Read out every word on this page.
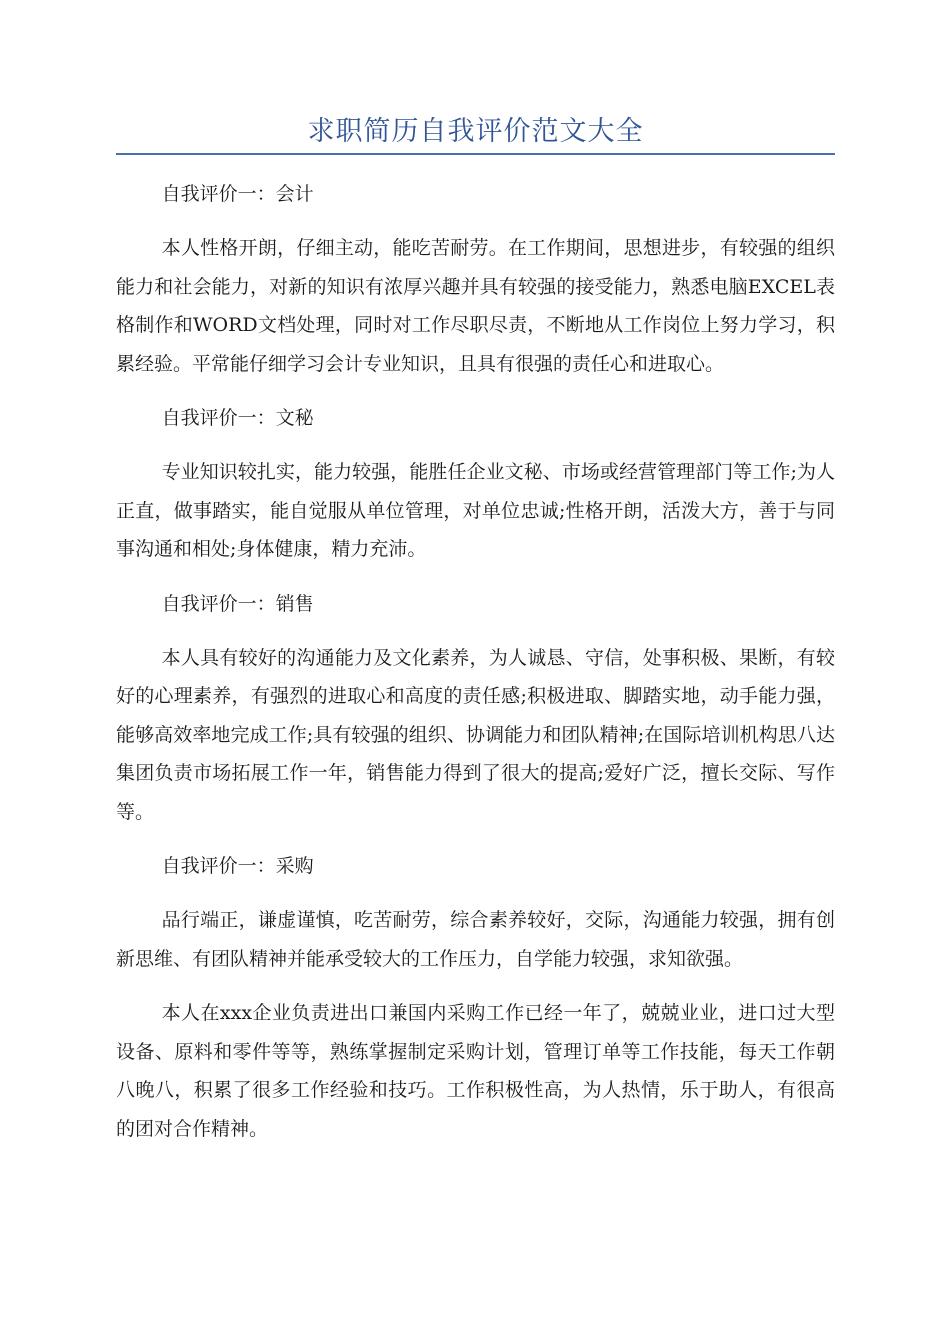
求职简历自我评价范文大全

自我评价一：会计

本人性格开朗，仔细主动，能吃苦耐劳。在工作期间，思想进步，有较强的组织能力和社会能力，对新的知识有浓厚兴趣并具有较强的接受能力，熟悉电脑EXCEL表格制作和WORD文档处理，同时对工作尽职尽责，不断地从工作岗位上努力学习，积累经验。平常能仔细学习会计专业知识，且具有很强的责任心和进取心。

自我评价一：文秘

专业知识较扎实，能力较强，能胜任企业文秘、市场或经营管理部门等工作;为人正直，做事踏实，能自觉服从单位管理，对单位忠诚;性格开朗，活泼大方，善于与同事沟通和相处;身体健康，精力充沛。

自我评价一：销售

本人具有较好的沟通能力及文化素养，为人诚恳、守信，处事积极、果断，有较好的心理素养，有强烈的进取心和高度的责任感;积极进取、脚踏实地，动手能力强，能够高效率地完成工作;具有较强的组织、协调能力和团队精神;在国际培训机构思八达集团负责市场拓展工作一年，销售能力得到了很大的提高;爱好广泛，擅长交际、写作等。

自我评价一：采购

品行端正，谦虚谨慎，吃苦耐劳，综合素养较好，交际，沟通能力较强，拥有创新思维、有团队精神并能承受较大的工作压力，自学能力较强，求知欲强。

本人在xxx企业负责进出口兼国内采购工作已经一年了，兢兢业业，进口过大型设备、原料和零件等等，熟练掌握制定采购计划，管理订单等工作技能，每天工作朝八晚八，积累了很多工作经验和技巧。工作积极性高，为人热情，乐于助人，有很高的团对合作精神。
